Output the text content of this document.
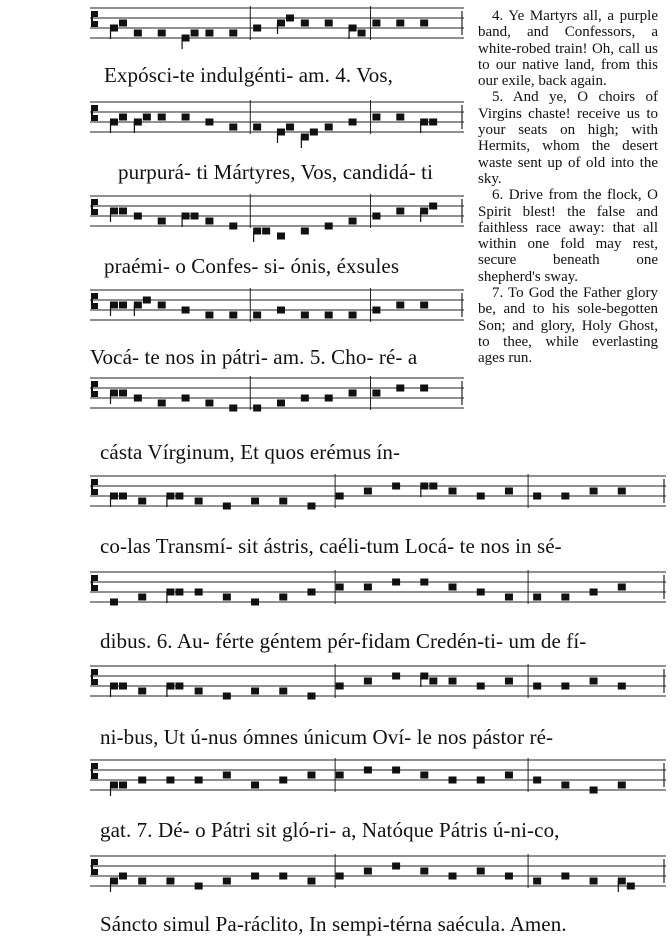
Expósci-te indulgénti- am. 4. Vos,
purpurá- ti Mártyres, Vos, candidá- ti
praémi- o Confes- si- ónis, éxsules
Vocá- te nos in pátri- am. 5. Cho- ré- a
cásta Vírginum, Et quos erémus ín-
co-las Transmí- sit ástris, caéli-tum Locá- te nos in sé-
dibus. 6. Au- férte géntem pér-fidam Credén-ti- um de fí-
ni-bus, Ut ú-nus ómnes únicum Oví- le nos pástor ré-
gat. 7. Dé- o Pátri sit gló-ri- a, Natóque Pátris ú-ni-co,
Sáncto simul Pa-ráclito, In sempi-térna saécula. Amen.

4. Ye Martyrs all, a purple band, and Confessors, a white-robed train! Oh, call us to our native land, from this our exile, back again.

5. And ye, O choirs of Virgins chaste! receive us to your seats on high; with Hermits, whom the desert waste sent up of old into the sky.

6. Drive from the flock, O Spirit blest! the false and faithless race away: that all within one fold may rest, secure beneath one shepherd's sway.

7. To God the Father glory be, and to his sole-begotten Son; and glory, Holy Ghost, to thee, while everlasting ages run.
